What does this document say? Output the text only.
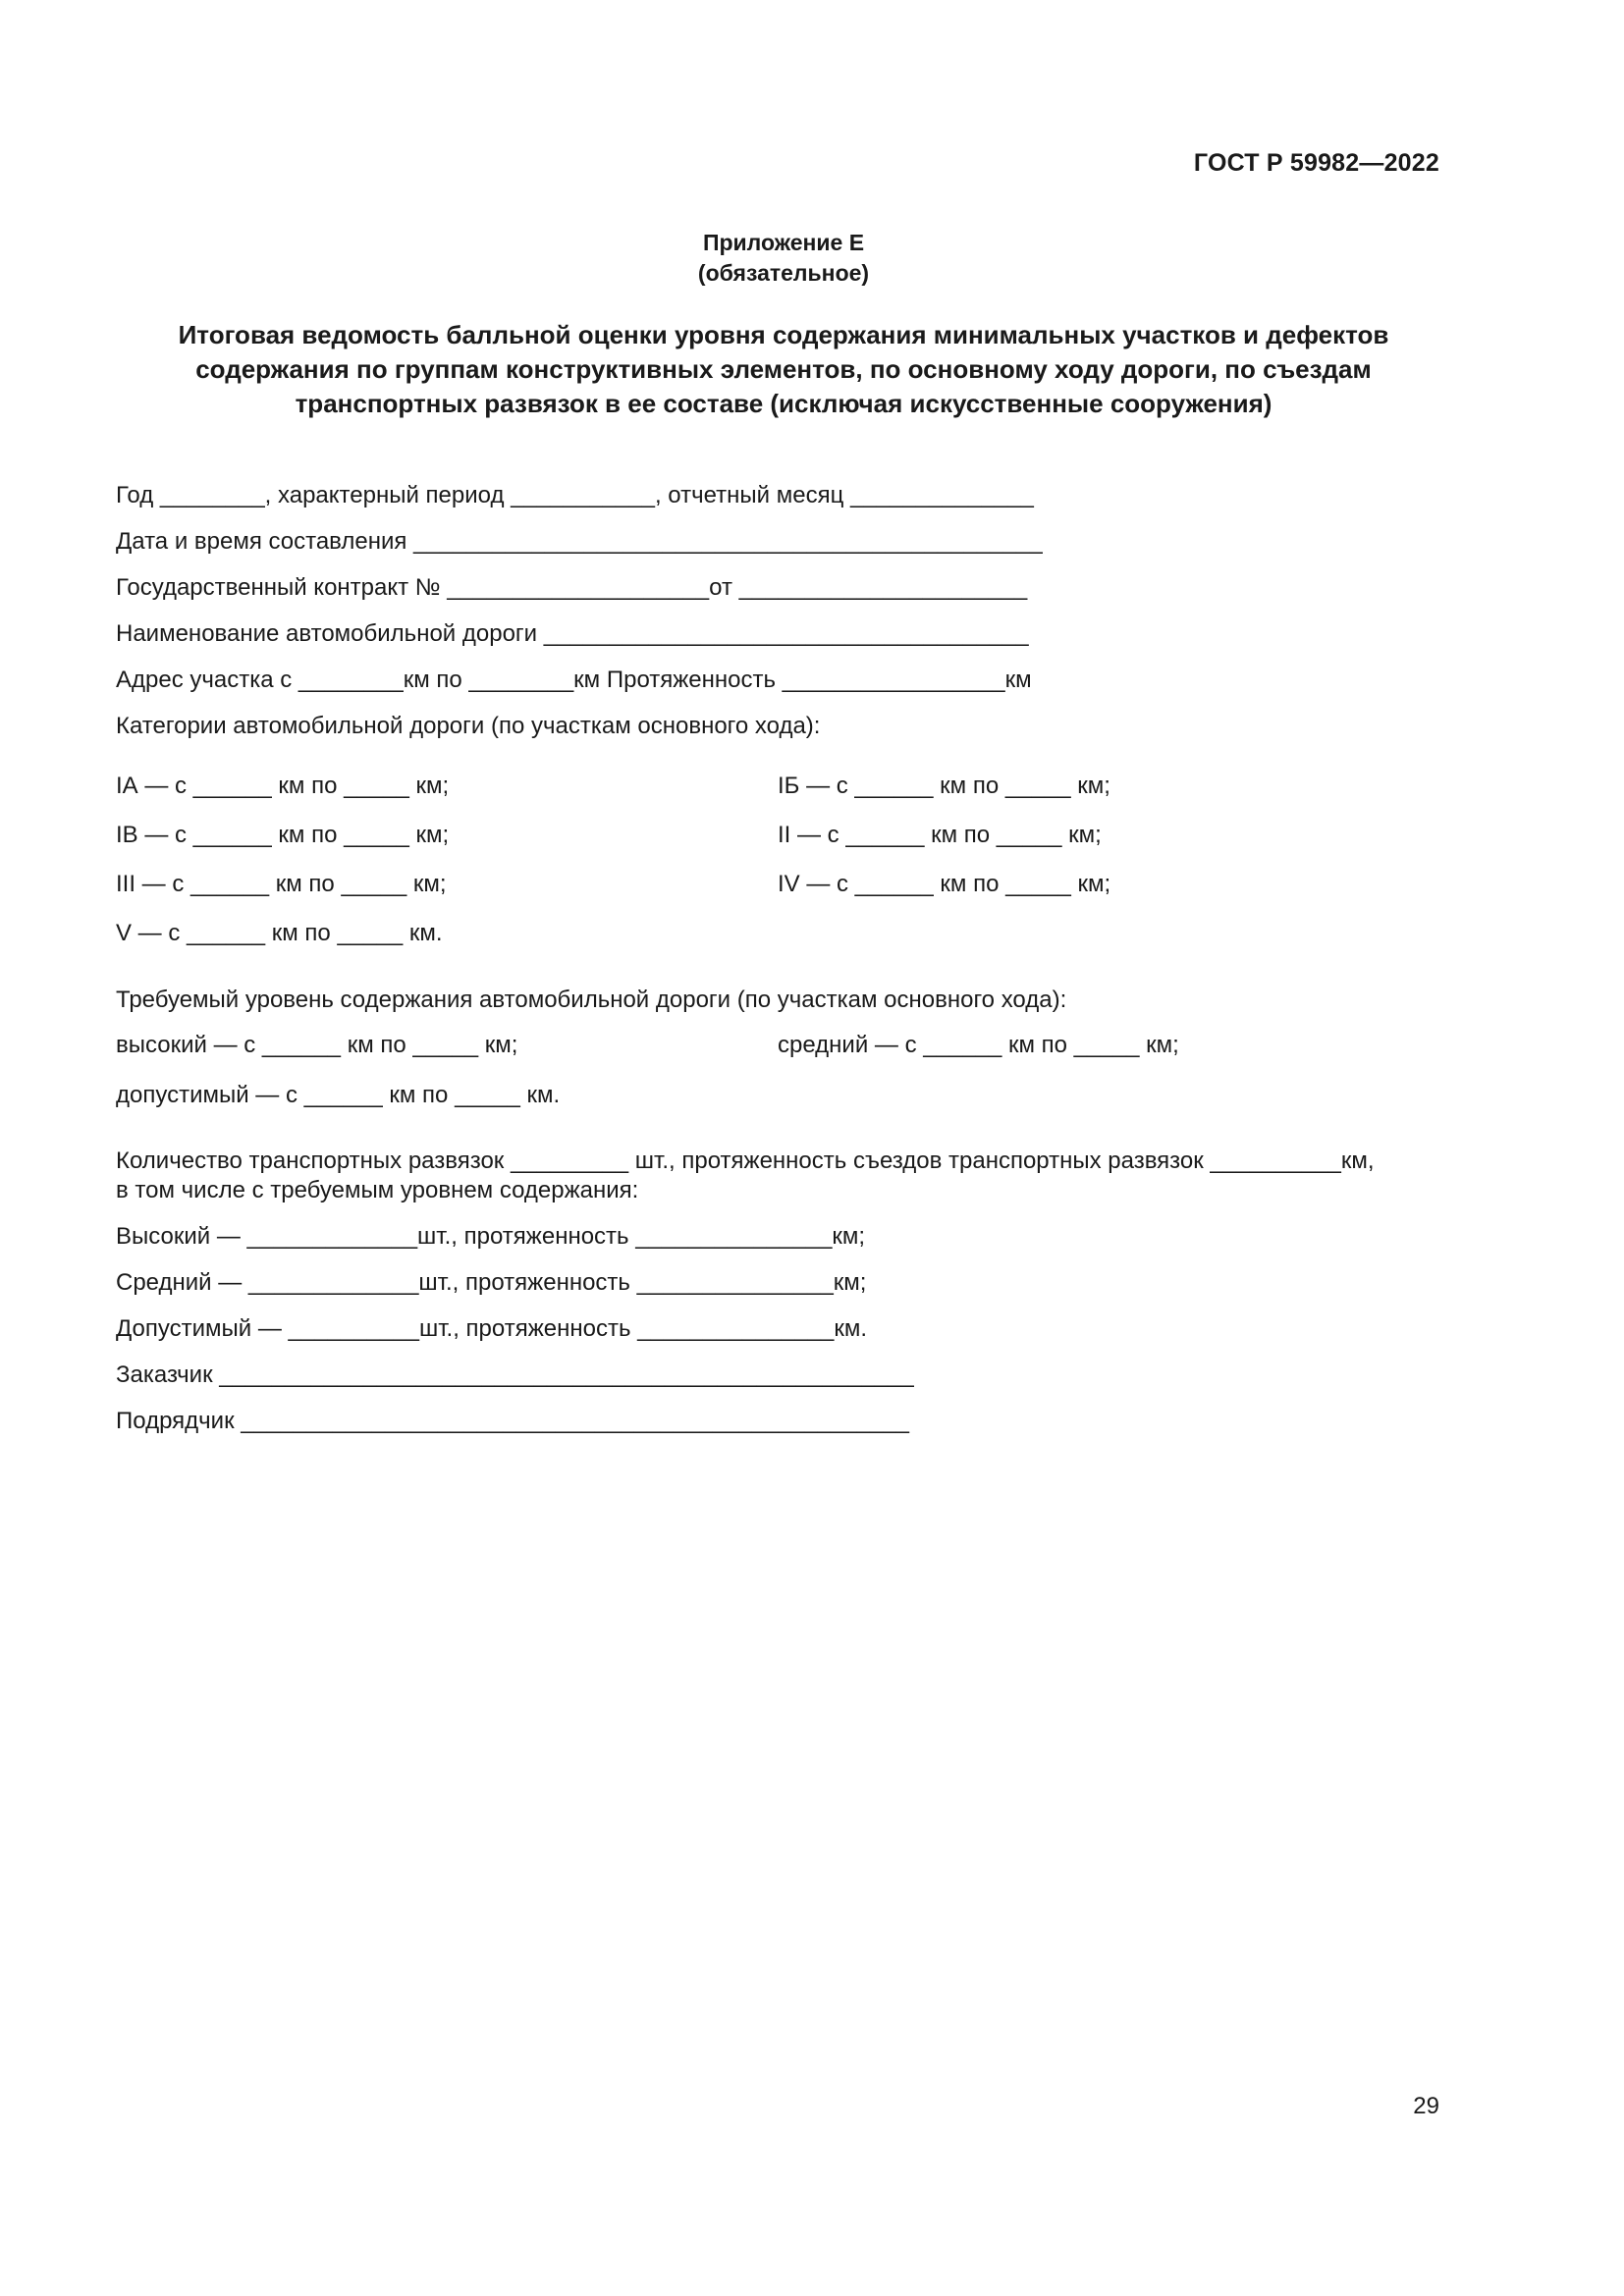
ГОСТ Р 59982—2022
Приложение Е
(обязательное)
Итоговая ведомость балльной оценки уровня содержания минимальных участков и дефектов
содержания по группам конструктивных элементов, по основному ходу дороги, по съездам
транспортных развязок в ее составе (исключая искусственные сооружения)
Год ________, характерный период ___________, отчетный месяц ______________
Дата и время составления ________________________________________________
Государственный контракт № ____________________от ______________________
Наименование автомобильной дороги _____________________________________
Адрес участка с ________км по ________км Протяженность _________________км
Категории автомобильной дороги (по участкам основного хода):
IА — с ______ км по _____ км;	IБ — с ______ км по _____ км;
IВ — с ______ км по _____ км;	II — с ______ км по _____ км;
III — с ______ км по _____ км;	IV — с ______ км по _____ км;
V — с ______ км по _____ км.
Требуемый уровень содержания автомобильной дороги (по участкам основного хода):
высокий — с ______ км по _____ км;	средний — с ______ км по _____ км;
допустимый — с ______ км по _____ км.
Количество транспортных развязок _________ шт., протяженность съездов транспортных развязок __________км,
в том числе с требуемым уровнем содержания:
Высокий — _____________шт., протяженность _______________км;
Средний — _____________шт., протяженность _______________км;
Допустимый — __________шт., протяженность _______________км.
Заказчик _____________________________________________________
Подрядчик ___________________________________________________
29
